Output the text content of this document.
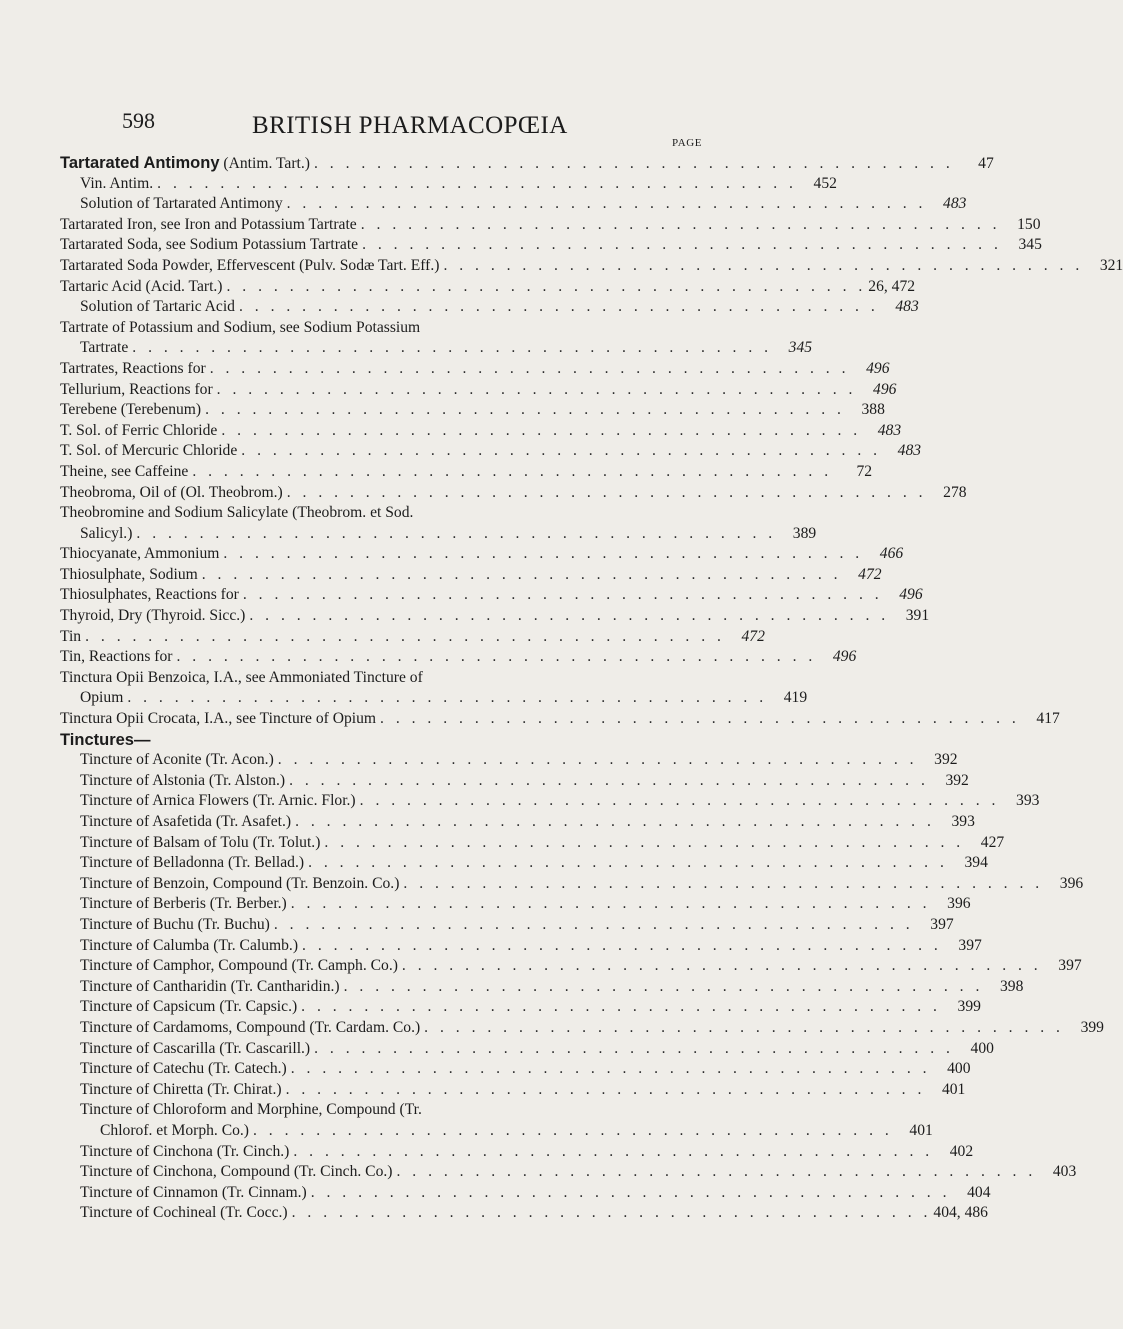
598	BRITISH PHARMACOPŒIA
PAGE
Tartarated Antimony (Antim. Tart.) . . . . . . . . . . . . . . . . . . . . . . . . . . . . . . . . . . . . . . . . .	47
Vin. Antim. . . . . . . . . . . . . . . . . . . . . . . . . . . . . . . . . . . . . . . . . .	452
Solution of Tartarated Antimony . . . . . . . . . . . . . . . . . . . . . . . . . . . . . . . . . . . . . . . . .	483
Tartarated Iron, see Iron and Potassium Tartrate . . . . . . . . . . . . . . . . . . . . . . . . . . . . . . . . . . . . . . . . .	150
Tartarated Soda, see Sodium Potassium Tartrate . . . . . . . . . . . . . . . . . . . . . . . . . . . . . . . . . . . . . . . . .	345
Tartarated Soda Powder, Effervescent (Pulv. Sodæ Tart. Eff.) . . . . . . . . . . . . . . . . . . . . . . . . . . . . . . . . . . . . . . . . .	321
Tartaric Acid (Acid. Tart.) . . . . . . . . . . . . . . . . . . . . . . . . . . . . . . . . . . . . . . . . . 26, 472
Solution of Tartaric Acid . . . . . . . . . . . . . . . . . . . . . . . . . . . . . . . . . . . . . . . . .	483
Tartrate of Potassium and Sodium, see Sodium Potassium
Tartrate . . . . . . . . . . . . . . . . . . . . . . . . . . . . . . . . . . . . . . . . .	345
Tartrates, Reactions for . . . . . . . . . . . . . . . . . . . . . . . . . . . . . . . . . . . . . . . . .	496
Tellurium, Reactions for . . . . . . . . . . . . . . . . . . . . . . . . . . . . . . . . . . . . . . . . .	496
Terebene (Terebenum) . . . . . . . . . . . . . . . . . . . . . . . . . . . . . . . . . . . . . . . . .	388
T. Sol. of Ferric Chloride . . . . . . . . . . . . . . . . . . . . . . . . . . . . . . . . . . . . . . . . .	483
T. Sol. of Mercuric Chloride . . . . . . . . . . . . . . . . . . . . . . . . . . . . . . . . . . . . . . . . .	483
Theine, see Caffeine . . . . . . . . . . . . . . . . . . . . . . . . . . . . . . . . . . . . . . . . .	72
Theobroma, Oil of (Ol. Theobrom.) . . . . . . . . . . . . . . . . . . . . . . . . . . . . . . . . . . . . . . . . .	278
Theobromine and Sodium Salicylate (Theobrom. et Sod.
Salicyl.) . . . . . . . . . . . . . . . . . . . . . . . . . . . . . . . . . . . . . . . . .	389
Thiocyanate, Ammonium . . . . . . . . . . . . . . . . . . . . . . . . . . . . . . . . . . . . . . . . .	466
Thiosulphate, Sodium . . . . . . . . . . . . . . . . . . . . . . . . . . . . . . . . . . . . . . . . .	472
Thiosulphates, Reactions for . . . . . . . . . . . . . . . . . . . . . . . . . . . . . . . . . . . . . . . . .	496
Thyroid, Dry (Thyroid. Sicc.) . . . . . . . . . . . . . . . . . . . . . . . . . . . . . . . . . . . . . . . . .	391
Tin . . . . . . . . . . . . . . . . . . . . . . . . . . . . . . . . . . . . . . . . .	472
Tin, Reactions for . . . . . . . . . . . . . . . . . . . . . . . . . . . . . . . . . . . . . . . . .	496
Tinctura Opii Benzoica, I.A., see Ammoniated Tincture of
Opium . . . . . . . . . . . . . . . . . . . . . . . . . . . . . . . . . . . . . . . . .	419
Tinctura Opii Crocata, I.A., see Tincture of Opium . . . . . . . . . . . . . . . . . . . . . . . . . . . . . . . . . . . . . . . . .	417
Tinctures—
Tincture of Aconite (Tr. Acon.) . . . . . . . . . . . . . . . . . . . . . . . . . . . . . . . . . . . . . . . . .	392
Tincture of Alstonia (Tr. Alston.) . . . . . . . . . . . . . . . . . . . . . . . . . . . . . . . . . . . . . . . . .	392
Tincture of Arnica Flowers (Tr. Arnic. Flor.) . . . . . . . . . . . . . . . . . . . . . . . . . . . . . . . . . . . . . . . . .	393
Tincture of Asafetida (Tr. Asafet.) . . . . . . . . . . . . . . . . . . . . . . . . . . . . . . . . . . . . . . . . .	393
Tincture of Balsam of Tolu (Tr. Tolut.) . . . . . . . . . . . . . . . . . . . . . . . . . . . . . . . . . . . . . . . . .	427
Tincture of Belladonna (Tr. Bellad.) . . . . . . . . . . . . . . . . . . . . . . . . . . . . . . . . . . . . . . . . .	394
Tincture of Benzoin, Compound (Tr. Benzoin. Co.) . . . . . . . . . . . . . . . . . . . . . . . . . . . . . . . . . . . . . . . . .	396
Tincture of Berberis (Tr. Berber.) . . . . . . . . . . . . . . . . . . . . . . . . . . . . . . . . . . . . . . . . .	396
Tincture of Buchu (Tr. Buchu) . . . . . . . . . . . . . . . . . . . . . . . . . . . . . . . . . . . . . . . . .	397
Tincture of Calumba (Tr. Calumb.) . . . . . . . . . . . . . . . . . . . . . . . . . . . . . . . . . . . . . . . . .	397
Tincture of Camphor, Compound (Tr. Camph. Co.) . . . . . . . . . . . . . . . . . . . . . . . . . . . . . . . . . . . . . . . . .	397
Tincture of Cantharidin (Tr. Cantharidin.) . . . . . . . . . . . . . . . . . . . . . . . . . . . . . . . . . . . . . . . . .	398
Tincture of Capsicum (Tr. Capsic.) . . . . . . . . . . . . . . . . . . . . . . . . . . . . . . . . . . . . . . . . .	399
Tincture of Cardamoms, Compound (Tr. Cardam. Co.) . . . . . . . . . . . . . . . . . . . . . . . . . . . . . . . . . . . . . . . . .	399
Tincture of Cascarilla (Tr. Cascarill.) . . . . . . . . . . . . . . . . . . . . . . . . . . . . . . . . . . . . . . . . .	400
Tincture of Catechu (Tr. Catech.) . . . . . . . . . . . . . . . . . . . . . . . . . . . . . . . . . . . . . . . . .	400
Tincture of Chiretta (Tr. Chirat.) . . . . . . . . . . . . . . . . . . . . . . . . . . . . . . . . . . . . . . . . .	401
Tincture of Chloroform and Morphine, Compound (Tr.
Chlorof. et Morph. Co.) . . . . . . . . . . . . . . . . . . . . . . . . . . . . . . . . . . . . . . . . .	401
Tincture of Cinchona (Tr. Cinch.) . . . . . . . . . . . . . . . . . . . . . . . . . . . . . . . . . . . . . . . . .	402
Tincture of Cinchona, Compound (Tr. Cinch. Co.) . . . . . . . . . . . . . . . . . . . . . . . . . . . . . . . . . . . . . . . . .	403
Tincture of Cinnamon (Tr. Cinnam.) . . . . . . . . . . . . . . . . . . . . . . . . . . . . . . . . . . . . . . . . .	404
Tincture of Cochineal (Tr. Cocc.) . . . . . . . . . . . . . . . . . . . . . . . . . . . . . . . . . . . . . . . . . 404, 486
